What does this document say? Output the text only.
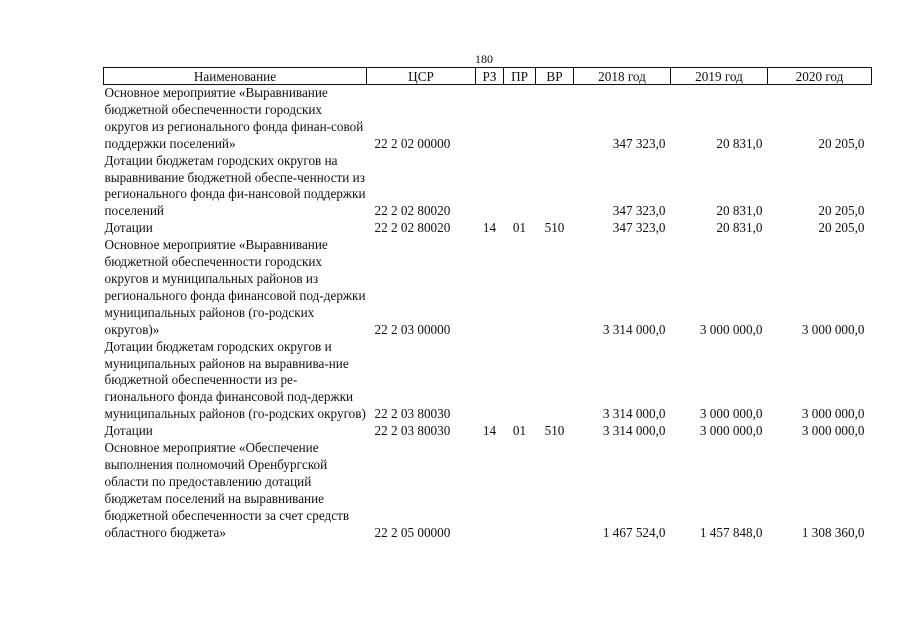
180
Наименование	ЦСР	РЗ	ПР	ВР	2018 год	2019 год	2020 год
Основное мероприятие «Выравнивание бюджетной обеспеченности городских округов из регионального фонда финан-совой поддержки поселений»	22 2 02 00000				347 323,0	20 831,0	20 205,0
Дотации бюджетам городских округов на выравнивание бюджетной обеспе-ченности из регионального фонда фи-нансовой поддержки поселений	22 2 02 80020				347 323,0	20 831,0	20 205,0
Дотации	22 2 02 80020	14	01	510	347 323,0	20 831,0	20 205,0
Основное мероприятие «Выравнивание бюджетной обеспеченности городских округов и муниципальных районов из регионального фонда финансовой под-держки муниципальных районов (го-родских округов)»	22 2 03 00000				3 314 000,0	3 000 000,0	3 000 000,0
Дотации бюджетам городских округов и муниципальных районов на выравнива-ние бюджетной обеспеченности из ре-гионального фонда финансовой под-держки муниципальных районов (го-родских округов)	22 2 03 80030				3 314 000,0	3 000 000,0	3 000 000,0
Дотации	22 2 03 80030	14	01	510	3 314 000,0	3 000 000,0	3 000 000,0
Основное мероприятие «Обеспечение выполнения полномочий Оренбургской области по предоставлению дотаций бюджетам поселений на выравнивание бюджетной обеспеченности за счет средств областного бюджета»	22 2 05 00000				1 467 524,0	1 457 848,0	1 308 360,0
